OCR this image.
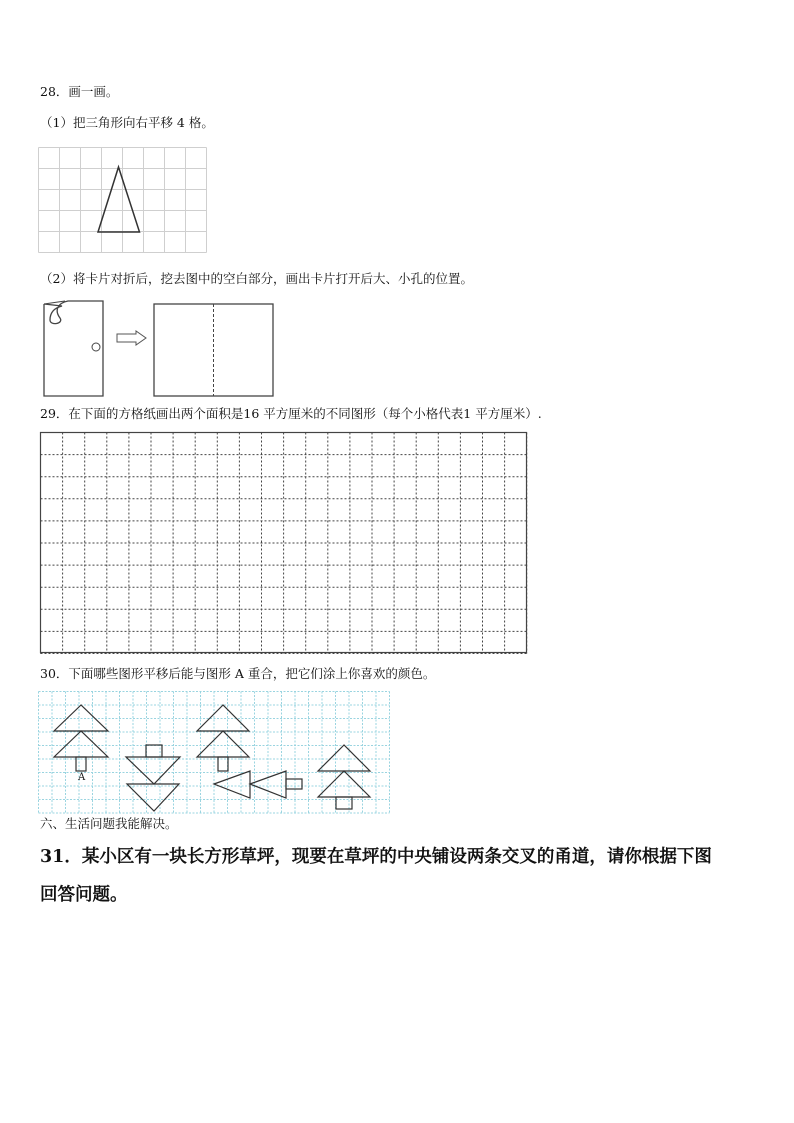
28．画一画。
（1）把三角形向右平移 4 格。
（2）将卡片对折后，挖去图中的空白部分，画出卡片打开后大、小孔的位置。
29．在下面的方格纸画出两个面积是16 平方厘米的不同图形（每个小格代表1 平方厘米）.
30．下面哪些图形平移后能与图形 A 重合，把它们涂上你喜欢的颜色。
A
六、生活问题我能解决。
31．某小区有一块长方形草坪，现要在草坪的中央铺设两条交叉的甬道，请你根据下图
回答问题。
